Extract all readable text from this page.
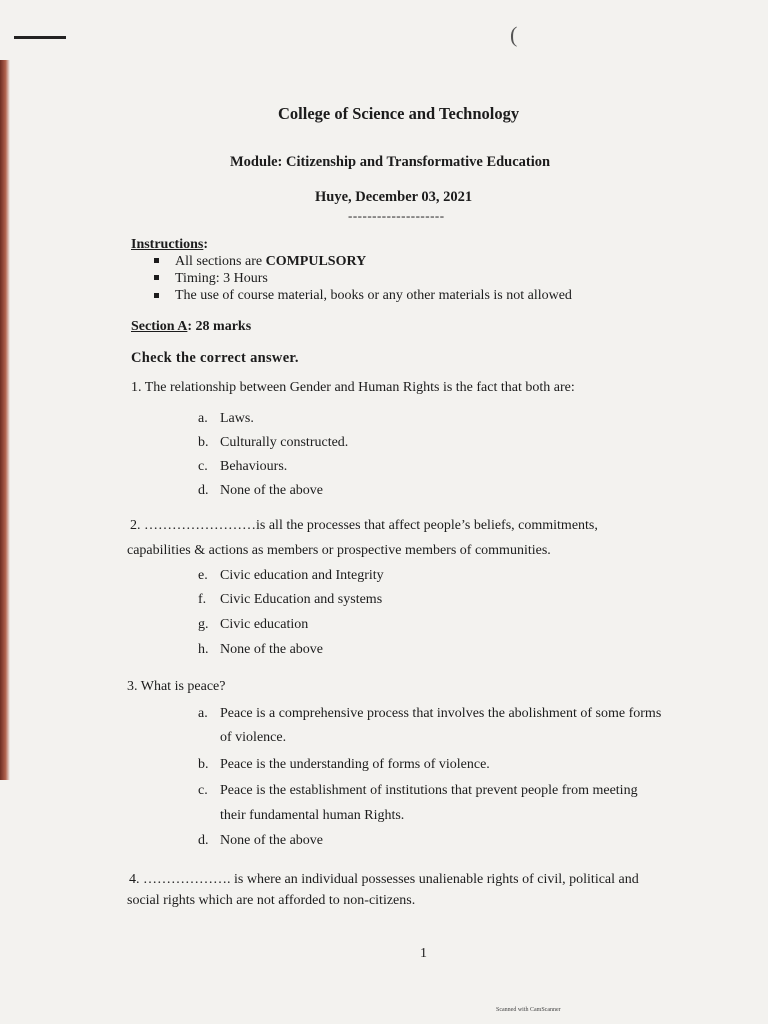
(
College of Science and Technology
Module: Citizenship and Transformative Education
Huye, December 03, 2021
--------------------
Instructions:
All sections are COMPULSORY
Timing: 3 Hours
The use of course material, books or any other materials is not allowed
Section A: 28 marks
Check the correct answer.
1. The relationship between Gender and Human Rights is the fact that both are:
a. Laws.
b. Culturally constructed.
c. Behaviours.
d. None of the above
2. ……………………is all the processes that affect people’s beliefs, commitments,
capabilities & actions as members or prospective members of communities.
e. Civic education and Integrity
f. Civic Education and systems
g. Civic education
h. None of the above
3. What is peace?
a. Peace is a comprehensive process that involves the abolishment of some forms
of violence.
b. Peace is the understanding of forms of violence.
c. Peace is the establishment of institutions that prevent people from meeting
their fundamental human Rights.
d. None of the above
4. ………………. is where an individual possesses unalienable rights of civil, political and
social rights which are not afforded to non-citizens.
1
Scanned with CamScanner
